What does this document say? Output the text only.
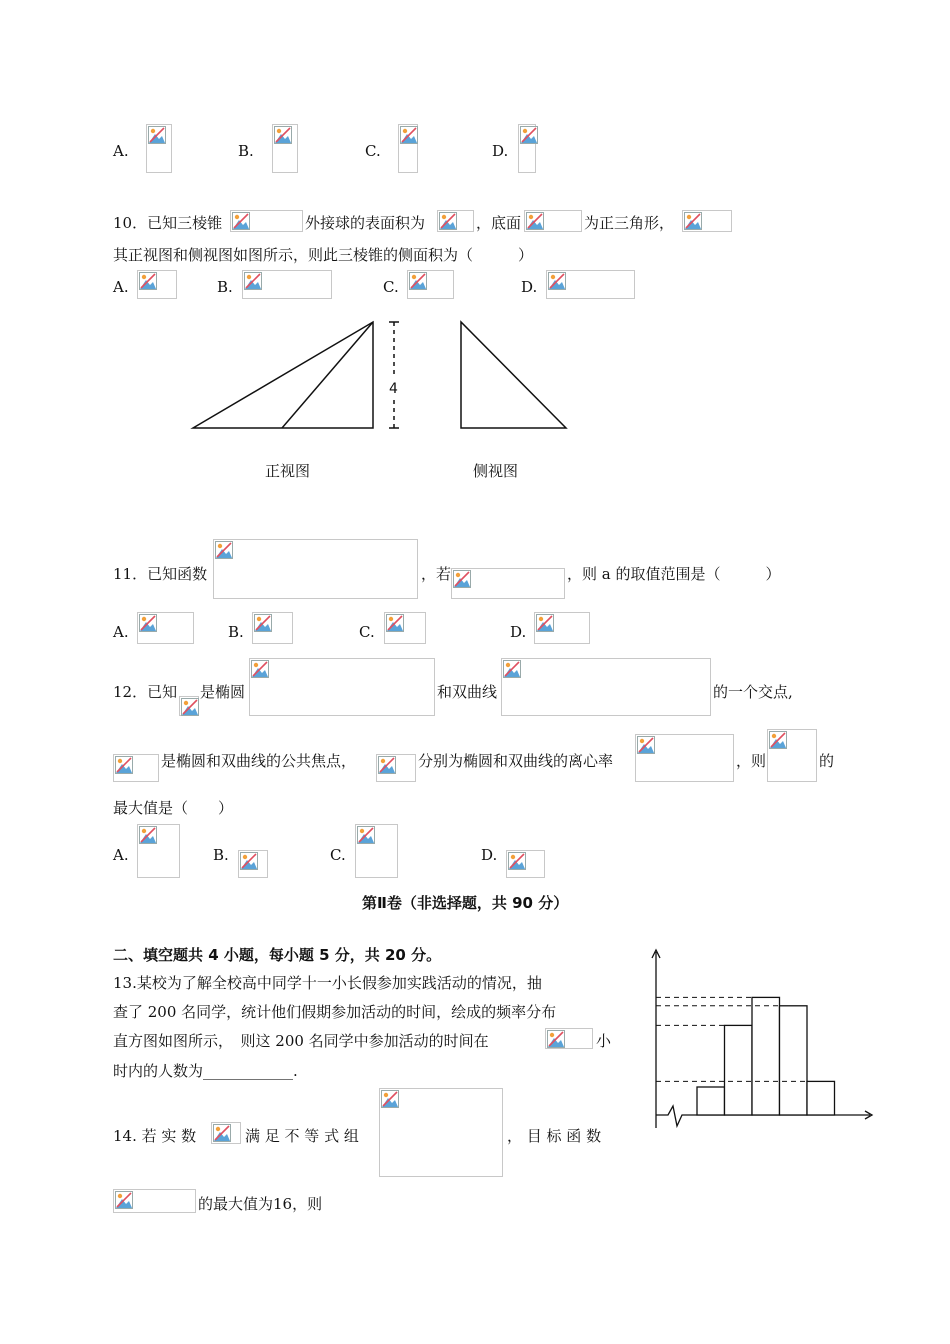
A.	B.	C.	D.
10．已知三棱锥	外接球的表面积为	，底面	为正三角形，
其正视图和侧视图如图所示，则此三棱锥的侧面积为（　　　）
A.	B.	C.	D.
4
正视图	侧视图
11．已知函数	，若	，则 a 的取值范围是（　　　）
A.	B.	C.	D.
12．已知 是椭圆	和双曲线	的一个交点,
是椭圆和双曲线的公共焦点，	分别为椭圆和双曲线的离心率	，则	的
最大值是（　　）
A.	B.	C.	D.
第Ⅱ卷（非选择题，共 90 分）
二、填空题共 4 小题，每小题 5 分，共 20 分。
13.某校为了解全校高中同学十一小长假参加实践活动的情况，抽
查了 200 名同学，统计他们假期参加活动的时间，绘成的频率分布
直方图如图所示，　则这 200 名同学中参加活动的时间在	小
时内的人数为____________.
14. 若 实 数	满 足 不 等 式 组	， 目 标 函 数
的最大值为16，则
